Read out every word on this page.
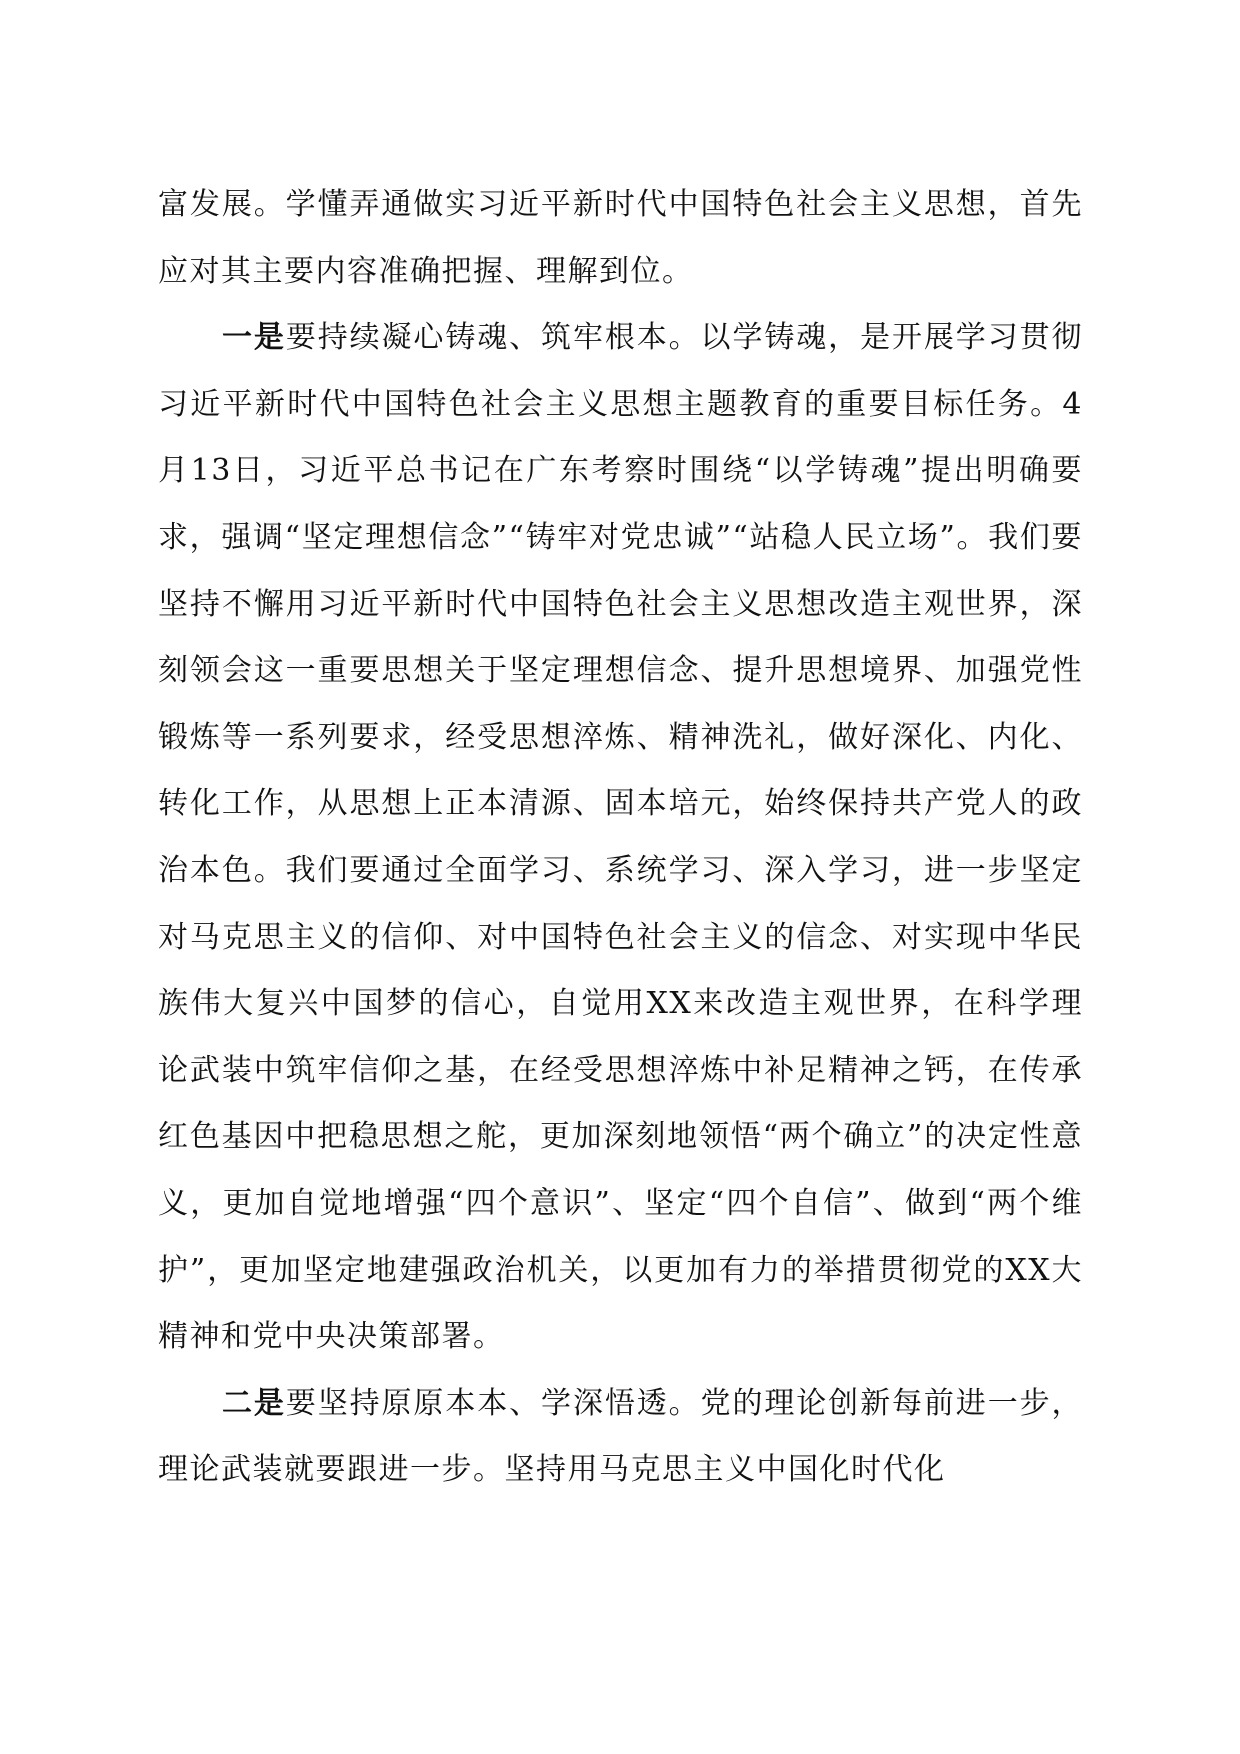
富发展。学懂弄通做实习近平新时代中国特色社会主义思想，首先应对其主要内容准确把握、理解到位。

一是要持续凝心铸魂、筑牢根本。以学铸魂，是开展学习贯彻习近平新时代中国特色社会主义思想主题教育的重要目标任务。4月13日，习近平总书记在广东考察时围绕“以学铸魂”提出明确要求，强调“坚定理想信念”“铸牢对党忠诚”“站稳人民立场”。我们要坚持不懈用习近平新时代中国特色社会主义思想改造主观世界，深刻领会这一重要思想关于坚定理想信念、提升思想境界、加强党性锻炼等一系列要求，经受思想淬炼、精神洗礼，做好深化、内化、转化工作，从思想上正本清源、固本培元，始终保持共产党人的政治本色。我们要通过全面学习、系统学习、深入学习，进一步坚定对马克思主义的信仰、对中国特色社会主义的信念、对实现中华民族伟大复兴中国梦的信心，自觉用XX来改造主观世界，在科学理论武装中筑牢信仰之基，在经受思想淬炼中补足精神之钙，在传承红色基因中把稳思想之舵，更加深刻地领悟“两个确立”的决定性意义，更加自觉地增强“四个意识”、坚定“四个自信”、做到“两个维护”，更加坚定地建强政治机关，以更加有力的举措贯彻党的XX大精神和党中央决策部署。

二是要坚持原原本本、学深悟透。党的理论创新每前进一步，理论武装就要跟进一步。坚持用马克思主义中国化时代化
